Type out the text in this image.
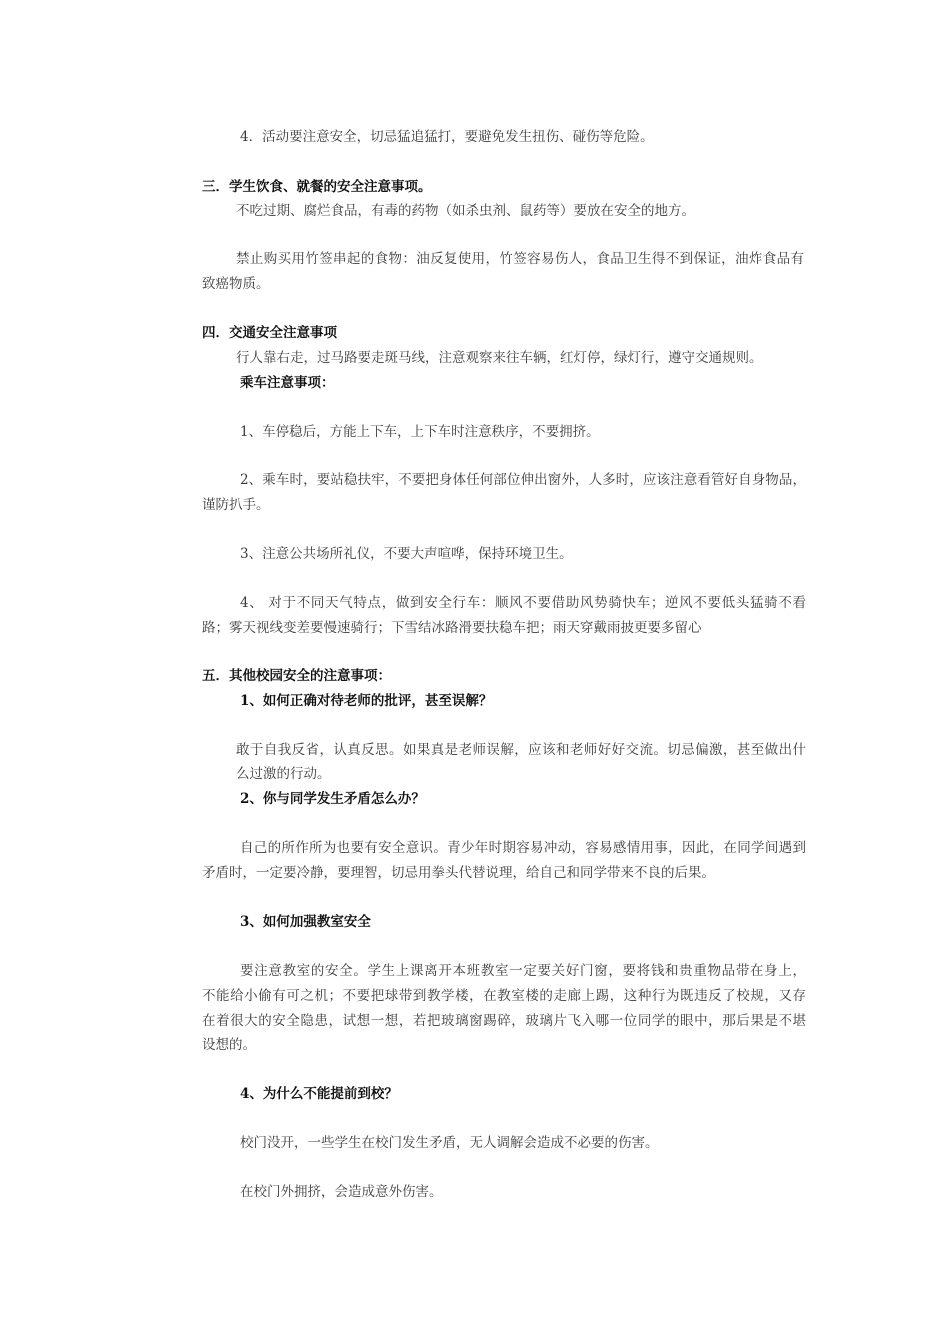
4．活动要注意安全，切忌猛追猛打，要避免发生扭伤、碰伤等危险。
三．学生饮食、就餐的安全注意事项。
不吃过期、腐烂食品，有毒的药物（如杀虫剂、鼠药等）要放在安全的地方。
禁止购买用竹签串起的食物：油反复使用，竹签容易伤人，食品卫生得不到保证，油炸食品有
致癌物质。
四．交通安全注意事项
行人靠右走，过马路要走斑马线，注意观察来往车辆，红灯停，绿灯行，遵守交通规则。
乘车注意事项：
1、车停稳后，方能上下车，上下车时注意秩序，不要拥挤。
2、乘车时，要站稳扶牢，不要把身体任何部位伸出窗外，人多时，应该注意看管好自身物品，
谨防扒手。
3、注意公共场所礼仪，不要大声喧哗，保持环境卫生。
4、 对于不同天气特点，做到安全行车：顺风不要借助风势骑快车；逆风不要低头猛骑不看
路；雾天视线变差要慢速骑行；下雪结冰路滑要扶稳车把；雨天穿戴雨披更要多留心
五．其他校园安全的注意事项：
1、如何正确对待老师的批评，甚至误解？
敢于自我反省，认真反思。如果真是老师误解，应该和老师好好交流。切忌偏激，甚至做出什
么过激的行动。
2、你与同学发生矛盾怎么办？
自己的所作所为也要有安全意识。青少年时期容易冲动，容易感情用事，因此，在同学间遇到
矛盾时，一定要冷静，要理智，切忌用拳头代替说理，给自己和同学带来不良的后果。
3、如何加强教室安全
要注意教室的安全。学生上课离开本班教室一定要关好门窗，要将钱和贵重物品带在身上，
不能给小偷有可之机；不要把球带到教学楼，在教室楼的走廊上踢，这种行为既违反了校规，又存
在着很大的安全隐患，试想一想，若把玻璃窗踢碎，玻璃片飞入哪一位同学的眼中，那后果是不堪
设想的。
4、为什么不能提前到校？
校门没开，一些学生在校门发生矛盾，无人调解会造成不必要的伤害。
在校门外拥挤，会造成意外伤害。
